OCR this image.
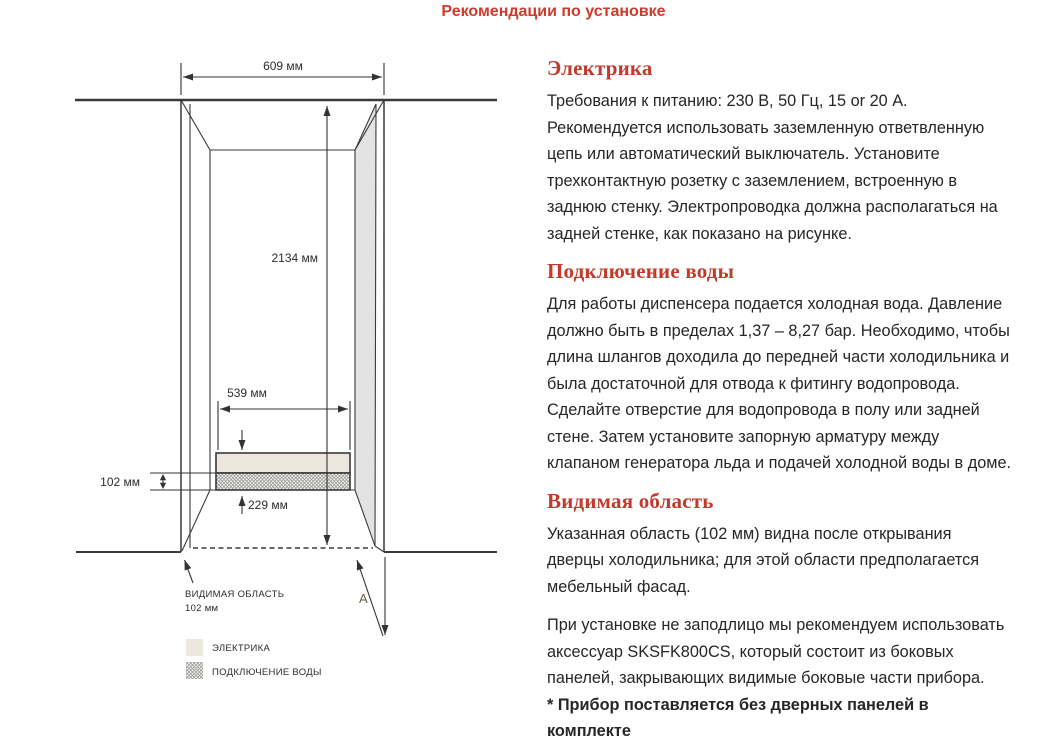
Рекомендации по установке
609 мм
2134 мм
539 мм
102 мм
229 мм
ВИДИМАЯ ОБЛАСТЬ
102 мм
A
ЭЛЕКТРИКА
ПОДКЛЮЧЕНИЕ ВОДЫ
Электрика

Требования к питанию: 230 В, 50 Гц, 15 or 20 А. Рекомендуется использовать заземленную ответвленную цепь или автоматический выключатель. Установите трехконтактную розетку с заземлением, встроенную в заднюю стенку. Электропроводка должна располагаться на задней стенке, как показано на рисунке.

Подключение воды

Для работы диспенсера подается холодная вода. Давление должно быть в пределах 1,37 – 8,27 бар. Необходимо, чтобы длина шлангов доходила до передней части холодильника и была достаточной для отвода к фитингу водопровода. Сделайте отверстие для водопровода в полу или задней стене. Затем установите запорную арматуру между клапаном генератора льда и подачей холодной воды в доме.

Видимая область

Указанная область (102 мм) видна после открывания дверцы холодильника; для этой области предполагается мебельный фасад.

При установке не заподлицо мы рекомендуем использовать аксессуар SKSFK800CS, который состоит из боковых панелей, закрывающих видимые боковые части прибора.

* Прибор поставляется без дверных панелей в комплекте
